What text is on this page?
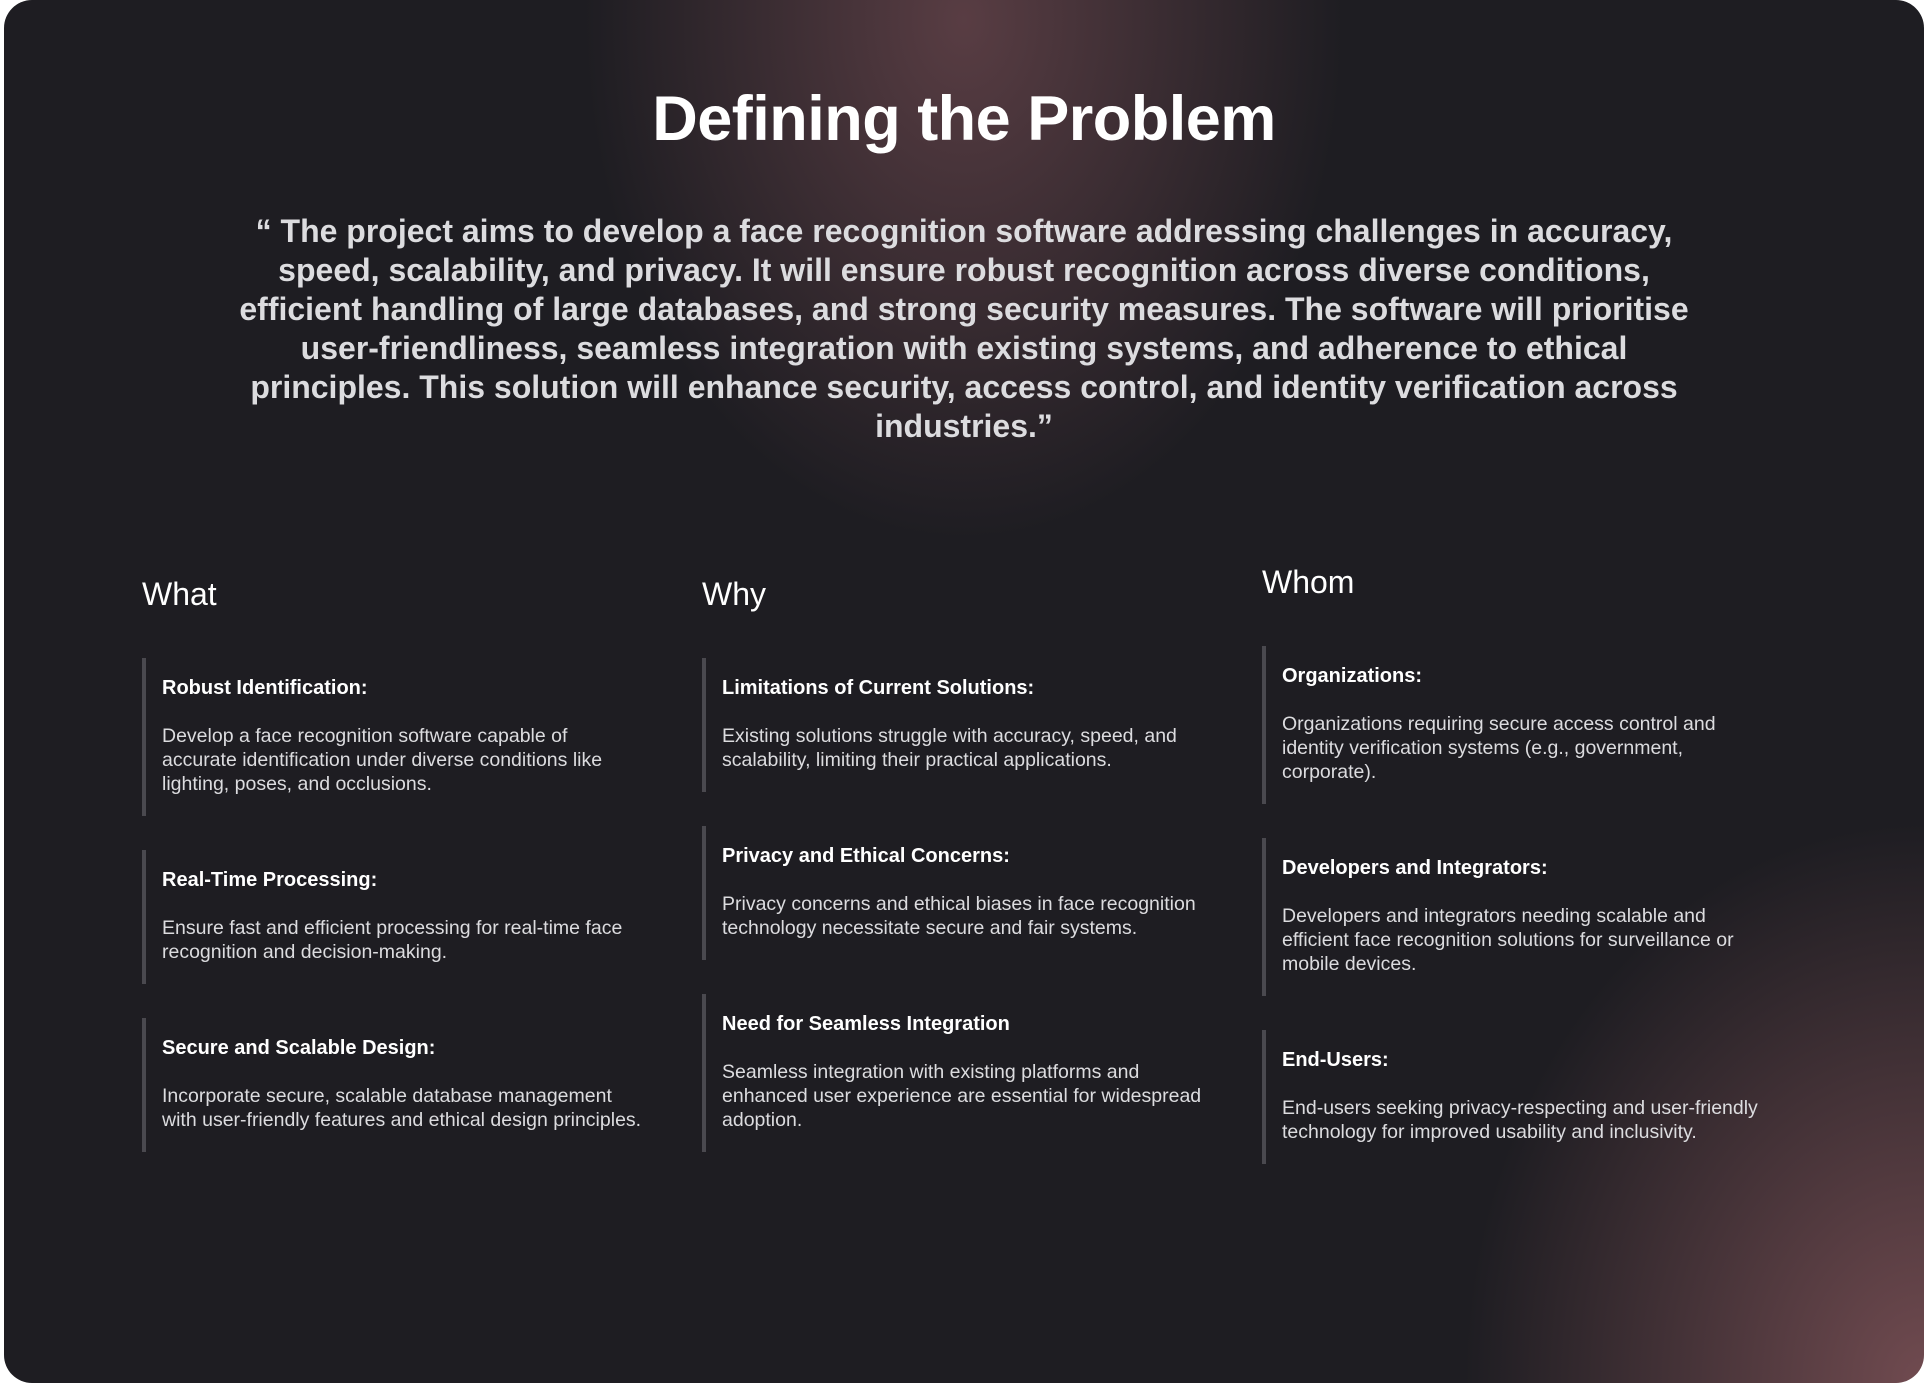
Defining the Problem

“ The project aims to develop a face recognition software addressing challenges in accuracy, speed, scalability, and privacy. It will ensure robust recognition across diverse conditions, efficient handling of large databases, and strong security measures. The software will prioritise user-friendliness, seamless integration with existing systems, and adherence to ethical principles. This solution will enhance security, access control, and identity verification across industries.”

What

Robust Identification:

Develop a face recognition software capable of accurate identification under diverse conditions like lighting, poses, and occlusions.

Real-Time Processing:

Ensure fast and efficient processing for real-time face recognition and decision-making.

Secure and Scalable Design:

Incorporate secure, scalable database management with user-friendly features and ethical design principles.

Why

Limitations of Current Solutions:

Existing solutions struggle with accuracy, speed, and scalability, limiting their practical applications.

Privacy and Ethical Concerns:

Privacy concerns and ethical biases in face recognition technology necessitate secure and fair systems.

Need for Seamless Integration

Seamless integration with existing platforms and enhanced user experience are essential for widespread adoption.

Whom

Organizations:

Organizations requiring secure access control and identity verification systems (e.g., government, corporate).

Developers and Integrators:

Developers and integrators needing scalable and efficient face recognition solutions for surveillance or mobile devices.

End-Users:

End-users seeking privacy-respecting and user-friendly technology for improved usability and inclusivity.
